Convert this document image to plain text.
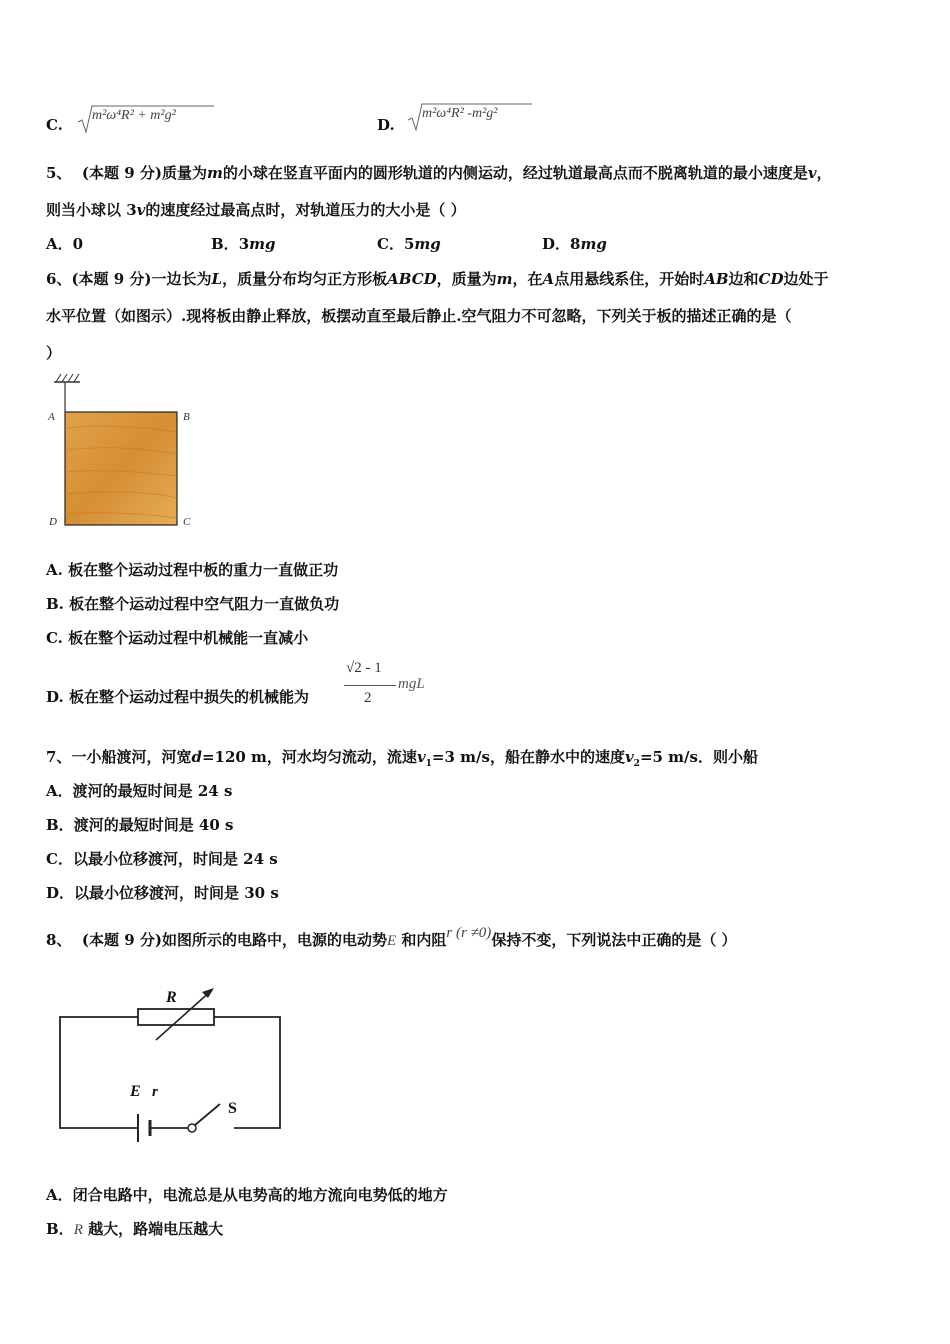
C.
m²ω⁴R² + m²g²
D.
m²ω⁴R² -m²g²
5、 (本题 9 分)质量为m的小球在竖直平面内的圆形轨道的内侧运动，经过轨道最高点而不脱离轨道的最小速度是v，
则当小球以 3v的速度经过最高点时，对轨道压力的大小是（ ）
A．0	B．3mg	C．5mg	D．8mg
6、(本题 9 分)一边长为L，质量分布均匀正方形板ABCD，质量为m，在A点用悬线系住，开始时AB边和CD边处于
水平位置（如图示）.现将板由静止释放，板摆动直至最后静止.空气阻力不可忽略，下列关于板的描述正确的是（
）
A	B
D	C
A. 板在整个运动过程中板的重力一直做正功
B. 板在整个运动过程中空气阻力一直做负功
C. 板在整个运动过程中机械能一直减小
D. 板在整个运动过程中损失的机械能为
√2 - 1
2
mgL
7、一小船渡河，河宽d=120 m，河水均匀流动，流速$v_1=3$ m/s，船在静水中的速度$v_2=5$ m/s．则小船
A．渡河的最短时间是 24 s
B．渡河的最短时间是 40 s
C．以最小位移渡河，时间是 24 s
D．以最小位移渡河，时间是 30 s
8、 (本题 9 分)如图所示的电路中，电源的电动势E 和内阻r (r ≠0)保持不变，下列说法中正确的是（ ）
R
E r
S
A．闭合电路中，电流总是从电势高的地方流向电势低的地方
B．R 越大，路端电压越大
